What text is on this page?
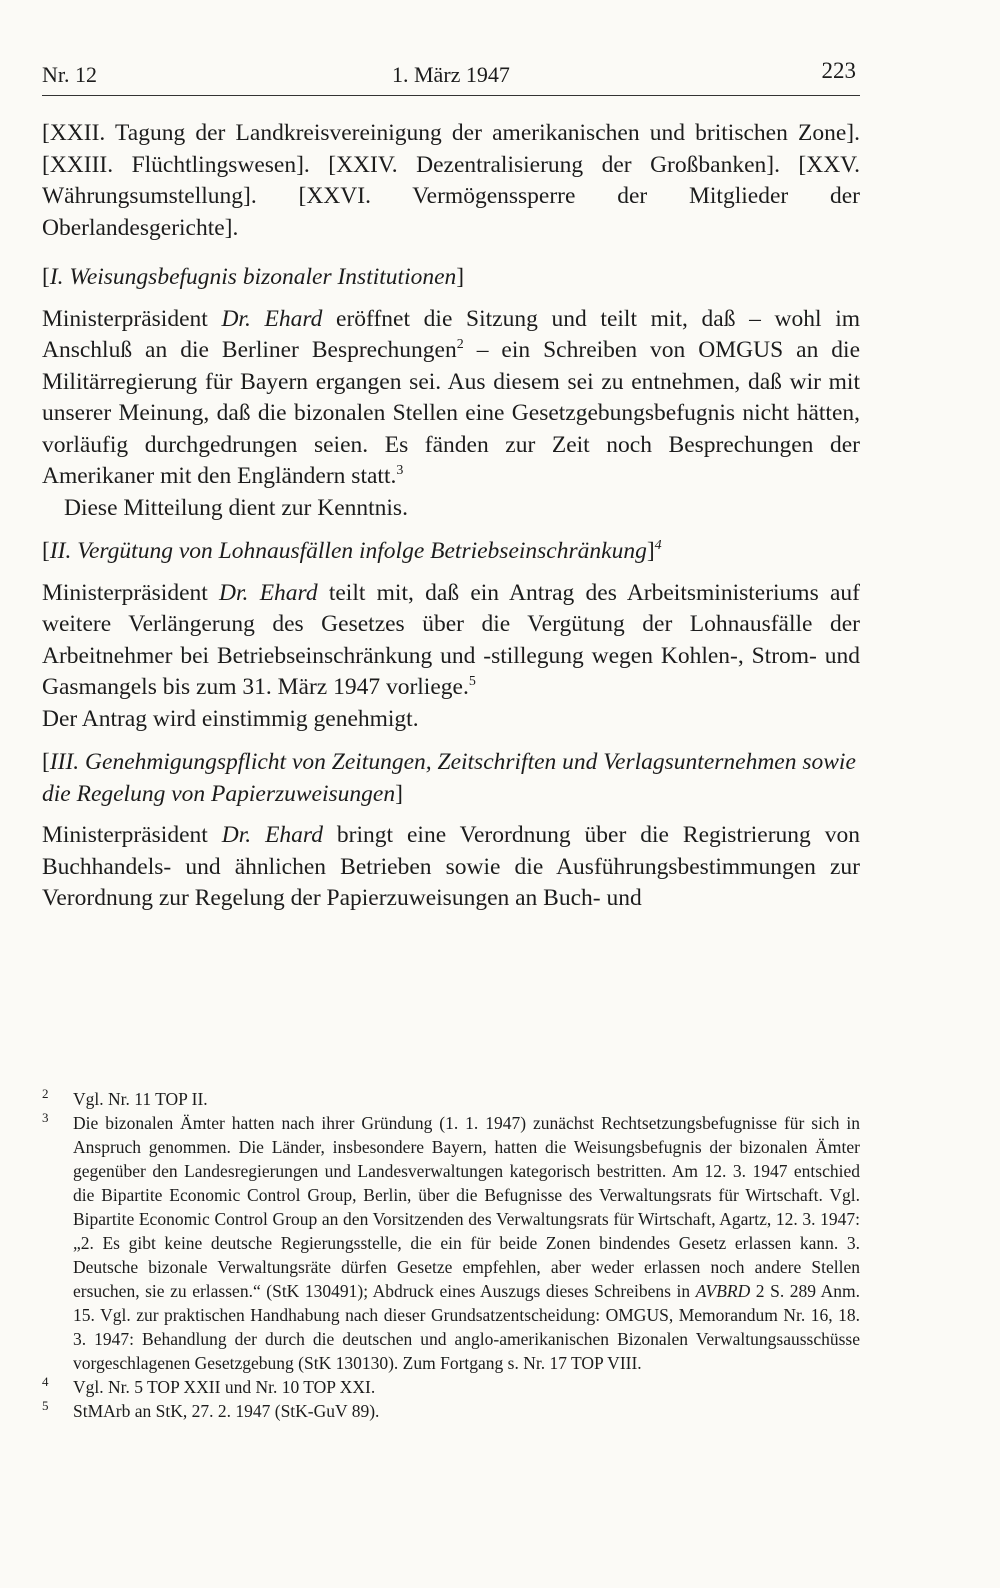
Nr. 12	1. März 1947	223

[XXII. Tagung der Landkreisvereinigung der amerikanischen und britischen Zone]. [XXIII. Flüchtlingswesen]. [XXIV. Dezentralisierung der Großbanken]. [XXV. Währungsumstellung]. [XXVI. Vermögenssperre der Mitglieder der Oberlandesgerichte].

[I. Weisungsbefugnis bizonaler Institutionen]

Ministerpräsident Dr. Ehard eröffnet die Sitzung und teilt mit, daß – wohl im Anschluß an die Berliner Besprechungen$^2$ – ein Schreiben von OMGUS an die Militärregierung für Bayern ergangen sei. Aus diesem sei zu entnehmen, daß wir mit unserer Meinung, daß die bizonalen Stellen eine Gesetzgebungsbefugnis nicht hätten, vorläufig durchgedrungen seien. Es fänden zur Zeit noch Besprechungen der Amerikaner mit den Engländern statt.$^3$

Diese Mitteilung dient zur Kenntnis.

[II. Vergütung von Lohnausfällen infolge Betriebseinschränkung]$^4$

Ministerpräsident Dr. Ehard teilt mit, daß ein Antrag des Arbeitsministeriums auf weitere Verlängerung des Gesetzes über die Vergütung der Lohnausfälle der Arbeitnehmer bei Betriebseinschränkung und -stillegung wegen Kohlen-, Strom- und Gasmangels bis zum 31. März 1947 vorliege.$^5$

Der Antrag wird einstimmig genehmigt.

[III. Genehmigungspflicht von Zeitungen, Zeitschriften und Verlagsunternehmen sowie die Regelung von Papierzuweisungen]

Ministerpräsident Dr. Ehard bringt eine Verordnung über die Registrierung von Buchhandels- und ähnlichen Betrieben sowie die Ausführungsbestimmungen zur Verordnung zur Regelung der Papierzuweisungen an Buch- und

2 Vgl. Nr. 11 TOP II.

3 Die bizonalen Ämter hatten nach ihrer Gründung (1. 1. 1947) zunächst Rechtsetzungsbefugnisse für sich in Anspruch genommen. Die Länder, insbesondere Bayern, hatten die Weisungsbefugnis der bizonalen Ämter gegenüber den Landesregierungen und Landesverwaltungen kategorisch bestritten. Am 12. 3. 1947 entschied die Bipartite Economic Control Group, Berlin, über die Befugnisse des Verwaltungsrats für Wirtschaft. Vgl. Bipartite Economic Control Group an den Vorsitzenden des Verwaltungsrats für Wirtschaft, Agartz, 12. 3. 1947: „2. Es gibt keine deutsche Regierungsstelle, die ein für beide Zonen bindendes Gesetz erlassen kann. 3. Deutsche bizonale Verwaltungsräte dürfen Gesetze empfehlen, aber weder erlassen noch andere Stellen ersuchen, sie zu erlassen.“ (StK 130491); Abdruck eines Auszugs dieses Schreibens in AVBRD 2 S. 289 Anm. 15. Vgl. zur praktischen Handhabung nach dieser Grundsatzentscheidung: OMGUS, Memorandum Nr. 16, 18. 3. 1947: Behandlung der durch die deutschen und anglo-amerikanischen Bizonalen Verwaltungsausschüsse vorgeschlagenen Gesetzgebung (StK 130130). Zum Fortgang s. Nr. 17 TOP VIII.

4 Vgl. Nr. 5 TOP XXII und Nr. 10 TOP XXI.

5 StMArb an StK, 27. 2. 1947 (StK-GuV 89).
